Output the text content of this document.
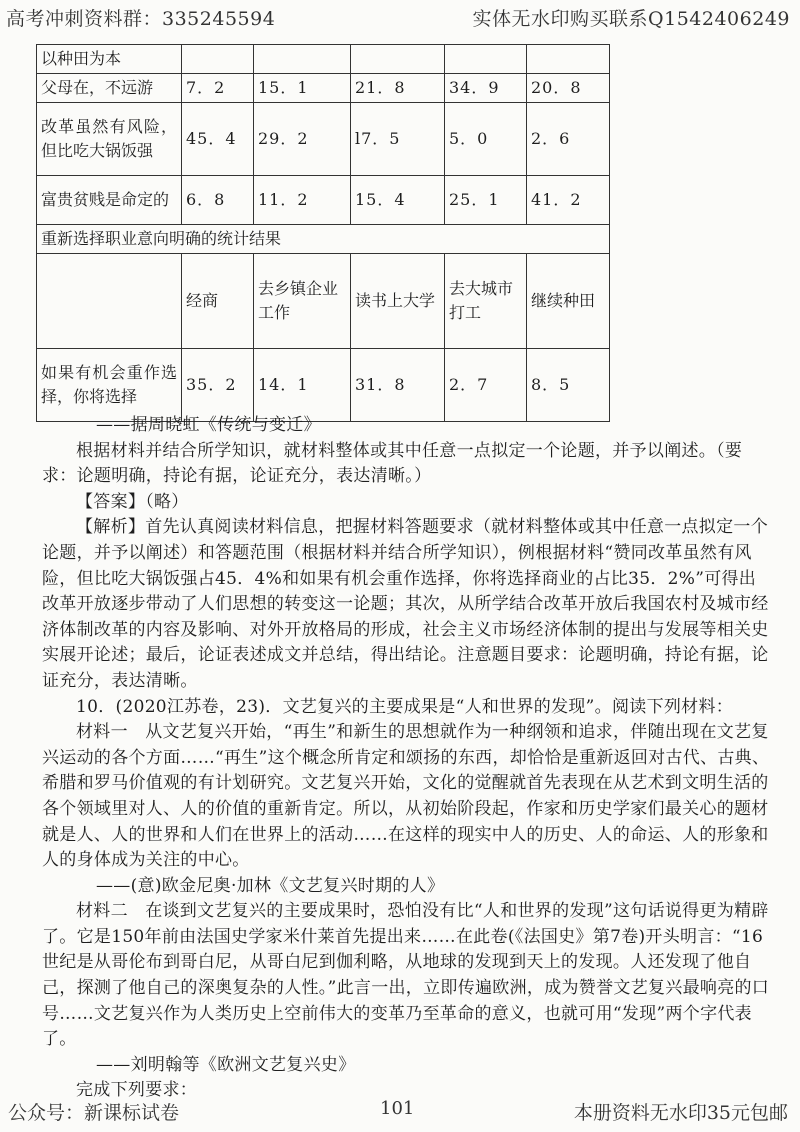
高考冲刺资料群：335245594	实体无水印购买联系Q1542406249
以种田为本					
父母在，不远游	7．2	15．1	21．8	34．9	20．8
改革虽然有风险，但比吃大锅饭强	45．4	29．2	l7．5	5．0	2．6
富贵贫贱是命定的	6．8	11．2	15．4	25．1	41．2
重新选择职业意向明确的统计结果					
	经商	去乡镇企业工作	读书上大学	去大城市打工	继续种田
如果有机会重作选择，你将选择	35．2	14．1	31．8	2．7	8．5

——据周晓虹《传统与变迁》

根据材料并结合所学知识，就材料整体或其中任意一点拟定一个论题，并予以阐述。（要求：论题明确，持论有据，论证充分，表达清晰。）

【答案】（略）

【解析】首先认真阅读材料信息，把握材料答题要求（就材料整体或其中任意一点拟定一个论题，并予以阐述）和答题范围（根据材料并结合所学知识），例根据材料“赞同改革虽然有风险，但比吃大锅饭强占45．4%和如果有机会重作选择，你将选择商业的占比35．2%”可得出改革开放逐步带动了人们思想的转变这一论题；其次，从所学结合改革开放后我国农村及城市经济体制改革的内容及影响、对外开放格局的形成，社会主义市场经济体制的提出与发展等相关史实展开论述；最后，论证表述成文并总结，得出结论。注意题目要求：论题明确，持论有据，论证充分，表达清晰。

10．(2020江苏卷，23)．文艺复兴的主要成果是“人和世界的发现”。阅读下列材料：

材料一　从文艺复兴开始，“再生”和新生的思想就作为一种纲领和追求，伴随出现在文艺复兴运动的各个方面……“再生”这个概念所肯定和颂扬的东西，却恰恰是重新返回对古代、古典、希腊和罗马价值观的有计划研究。文艺复兴开始，文化的觉醒就首先表现在从艺术到文明生活的各个领域里对人、人的价值的重新肯定。所以，从初始阶段起，作家和历史学家们最关心的题材就是人、人的世界和人们在世界上的活动……在这样的现实中人的历史、人的命运、人的形象和人的身体成为关注的中心。

——(意)欧金尼奥·加林《文艺复兴时期的人》

材料二　在谈到文艺复兴的主要成果时，恐怕没有比“人和世界的发现”这句话说得更为精辟了。它是150年前由法国史学家米什莱首先提出来……在此卷(《法国史》第7卷)开头明言：“16世纪是从哥伦布到哥白尼，从哥白尼到伽利略，从地球的发现到天上的发现。人还发现了他自己，探测了他自己的深奥复杂的人性。”此言一出，立即传遍欧洲，成为赞誉文艺复兴最响亮的口号……文艺复兴作为人类历史上空前伟大的变革乃至革命的意义，也就可用“发现”两个字代表了。

——刘明翰等《欧洲文艺复兴史》

完成下列要求：

公众号：新课标试卷	101	本册资料无水印35元包邮
